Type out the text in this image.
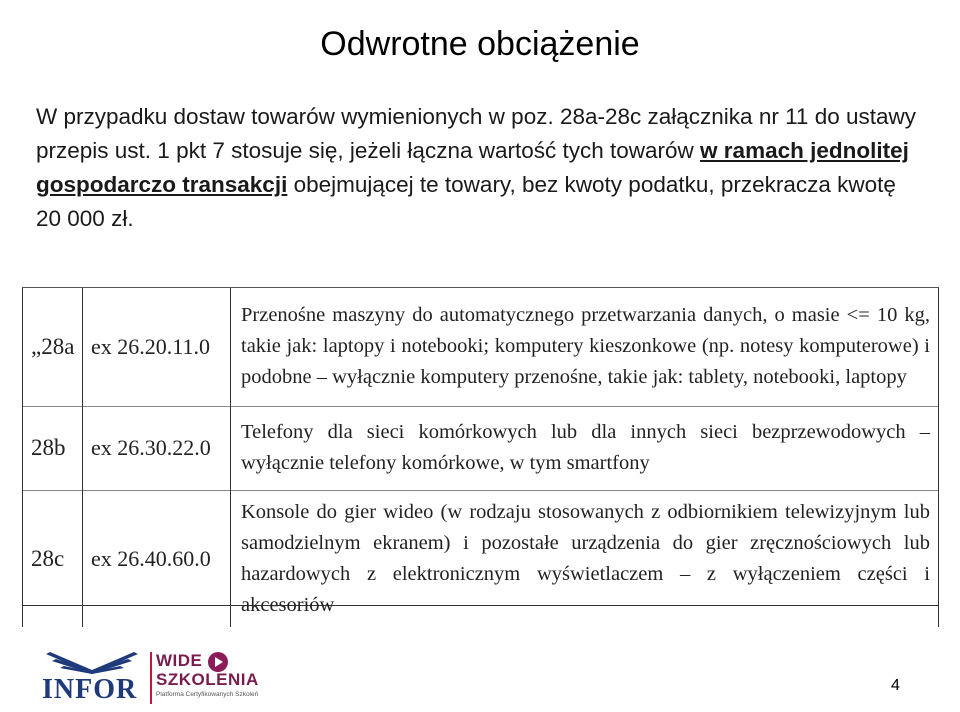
Odwrotne obciążenie
W przypadku dostaw towarów wymienionych w poz. 28a-28c załącznika nr 11 do ustawy przepis ust. 1 pkt 7 stosuje się, jeżeli łączna wartość tych towarów w ramach jednolitej gospodarczo transakcji obejmującej te towary, bez kwoty podatku, przekracza kwotę 20 000 zł.
„28a	ex 26.20.11.0	Przenośne maszyny do automatycznego przetwarzania danych, o masie <= 10 kg, takie jak: laptopy i notebooki; komputery kieszonkowe (np. notesy komputerowe) i podobne – wyłącznie komputery przenośne, takie jak: tablety, notebooki, laptopy
28b	ex 26.30.22.0	Telefony dla sieci komórkowych lub dla innych sieci bezprzewodowych – wyłącznie telefony komórkowe, w tym smartfony
28c	ex 26.40.60.0	Konsole do gier wideo (w rodzaju stosowanych z odbiornikiem telewizyjnym lub samodzielnym ekranem) i pozostałe urządzenia do gier zręcznościowych lub hazardowych z elektronicznym wyświetlaczem – z wyłączeniem części i akcesoriów
INFOR
WIDE
SZKOLENIA
Platforma Certyfikowanych Szkoleń
4
